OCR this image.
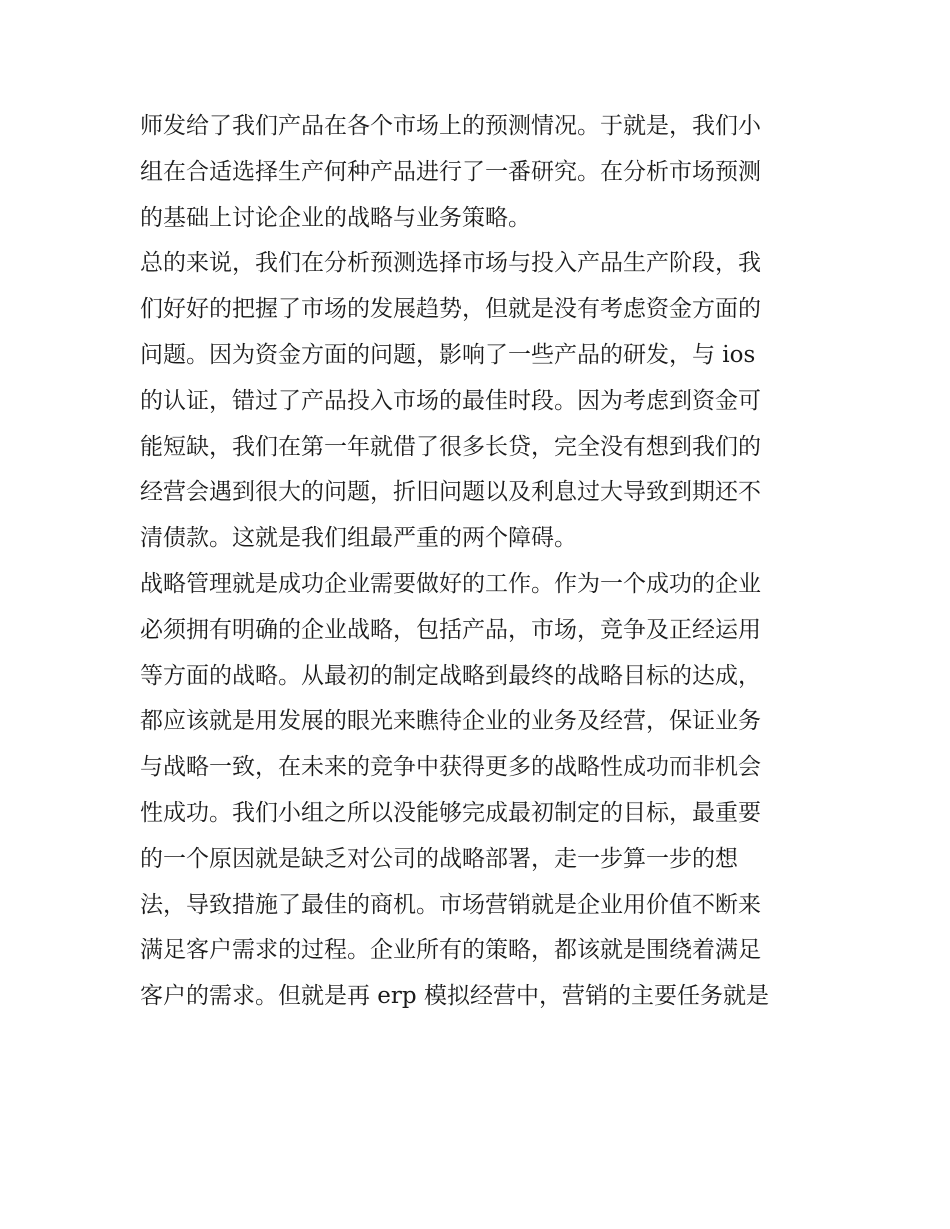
师发给了我们产品在各个市场上的预测情况。于就是，我们小
组在合适选择生产何种产品进行了一番研究。在分析市场预测
的基础上讨论企业的战略与业务策略。
总的来说，我们在分析预测选择市场与投入产品生产阶段，我
们好好的把握了市场的发展趋势，但就是没有考虑资金方面的
问题。因为资金方面的问题，影响了一些产品的研发，与 ios
的认证，错过了产品投入市场的最佳时段。因为考虑到资金可
能短缺，我们在第一年就借了很多长贷，完全没有想到我们的
经营会遇到很大的问题，折旧问题以及利息过大导致到期还不
清债款。这就是我们组最严重的两个障碍。
战略管理就是成功企业需要做好的工作。作为一个成功的企业
必须拥有明确的企业战略，包括产品，市场，竞争及正经运用
等方面的战略。从最初的制定战略到最终的战略目标的达成，
都应该就是用发展的眼光来瞧待企业的业务及经营，保证业务
与战略一致，在未来的竞争中获得更多的战略性成功而非机会
性成功。我们小组之所以没能够完成最初制定的目标，最重要
的一个原因就是缺乏对公司的战略部署，走一步算一步的想
法，导致措施了最佳的商机。市场营销就是企业用价值不断来
满足客户需求的过程。企业所有的策略，都该就是围绕着满足
客户的需求。但就是再 erp 模拟经营中，营销的主要任务就是
